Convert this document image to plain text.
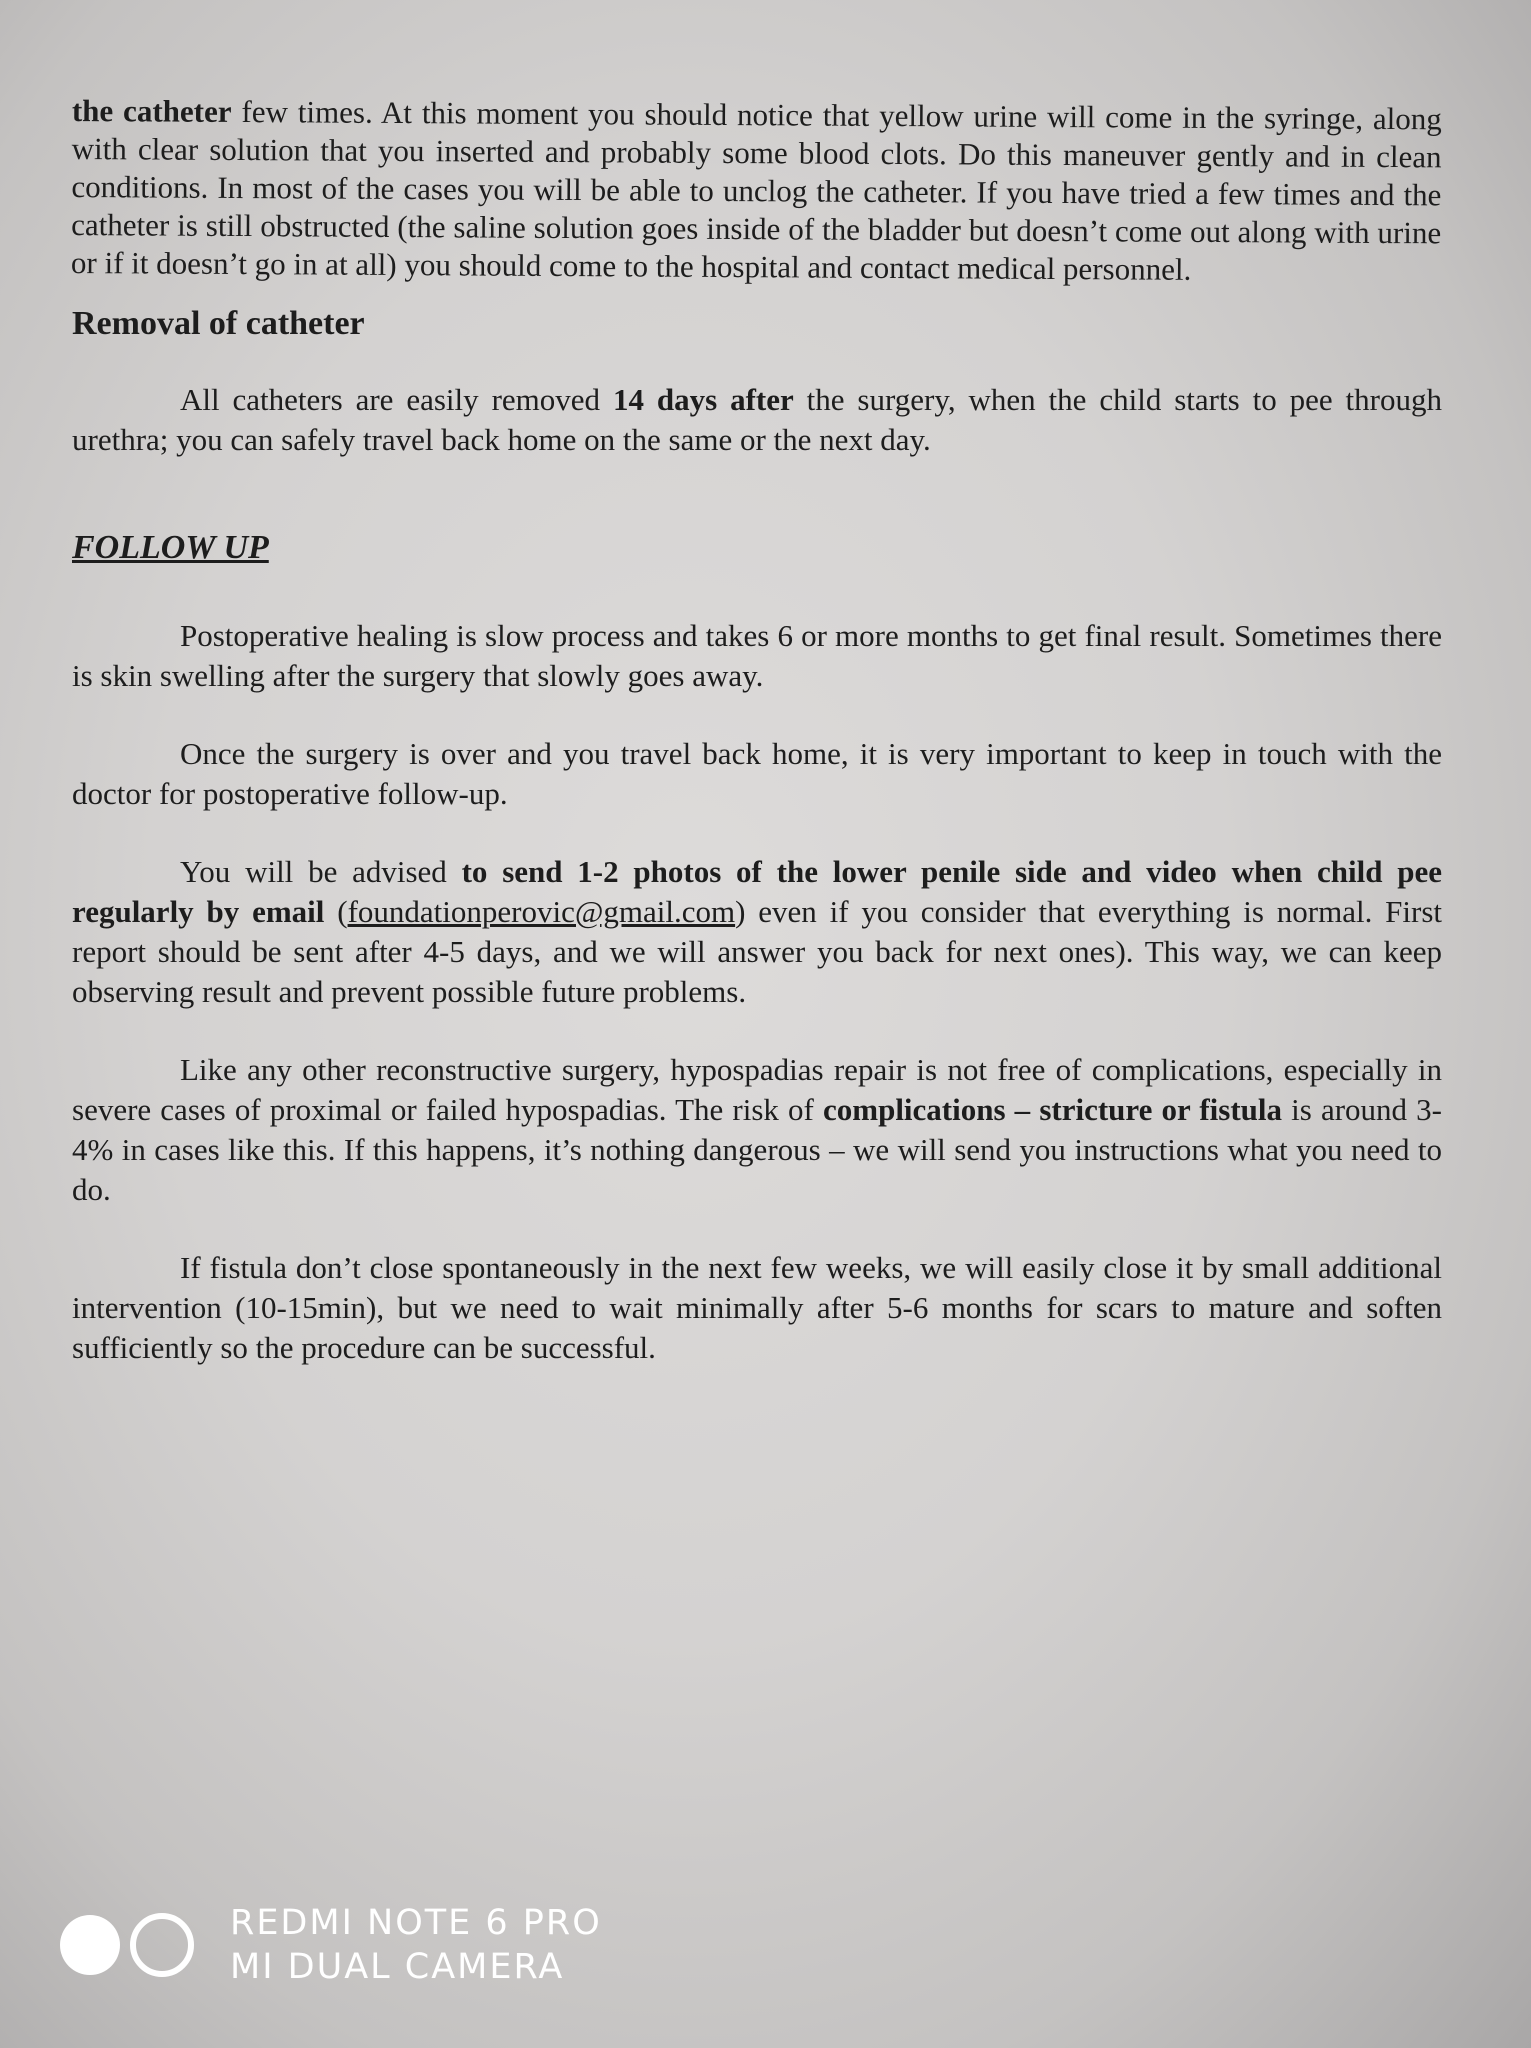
the catheter few times. At this moment you should notice that yellow urine will come in the syringe, along with clear solution that you inserted and probably some blood clots. Do this maneuver gently and in clean conditions. In most of the cases you will be able to unclog the catheter. If you have tried a few times and the catheter is still obstructed (the saline solution goes inside of the bladder but doesn’t come out along with urine or if it doesn’t go in at all) you should come to the hospital and contact medical personnel.

Removal of catheter

All catheters are easily removed 14 days after the surgery, when the child starts to pee through urethra; you can safely travel back home on the same or the next day.

FOLLOW UP

Postoperative healing is slow process and takes 6 or more months to get final result. Sometimes there is skin swelling after the surgery that slowly goes away.

Once the surgery is over and you travel back home, it is very important to keep in touch with the doctor for postoperative follow-up.

You will be advised to send 1-2 photos of the lower penile side and video when child pee regularly by email (foundationperovic@gmail.com) even if you consider that everything is normal. First report should be sent after 4-5 days, and we will answer you back for next ones). This way, we can keep observing result and prevent possible future problems.

Like any other reconstructive surgery, hypospadias repair is not free of complications, especially in severe cases of proximal or failed hypospadias. The risk of complications – stricture or fistula is around 3-4% in cases like this. If this happens, it’s nothing dangerous – we will send you instructions what you need to do.

If fistula don’t close spontaneously in the next few weeks, we will easily close it by small additional intervention (10-15min), but we need to wait minimally after 5-6 months for scars to mature and soften sufficiently so the procedure can be successful.

REDMI NOTE 6 PRO
MI DUAL CAMERA
